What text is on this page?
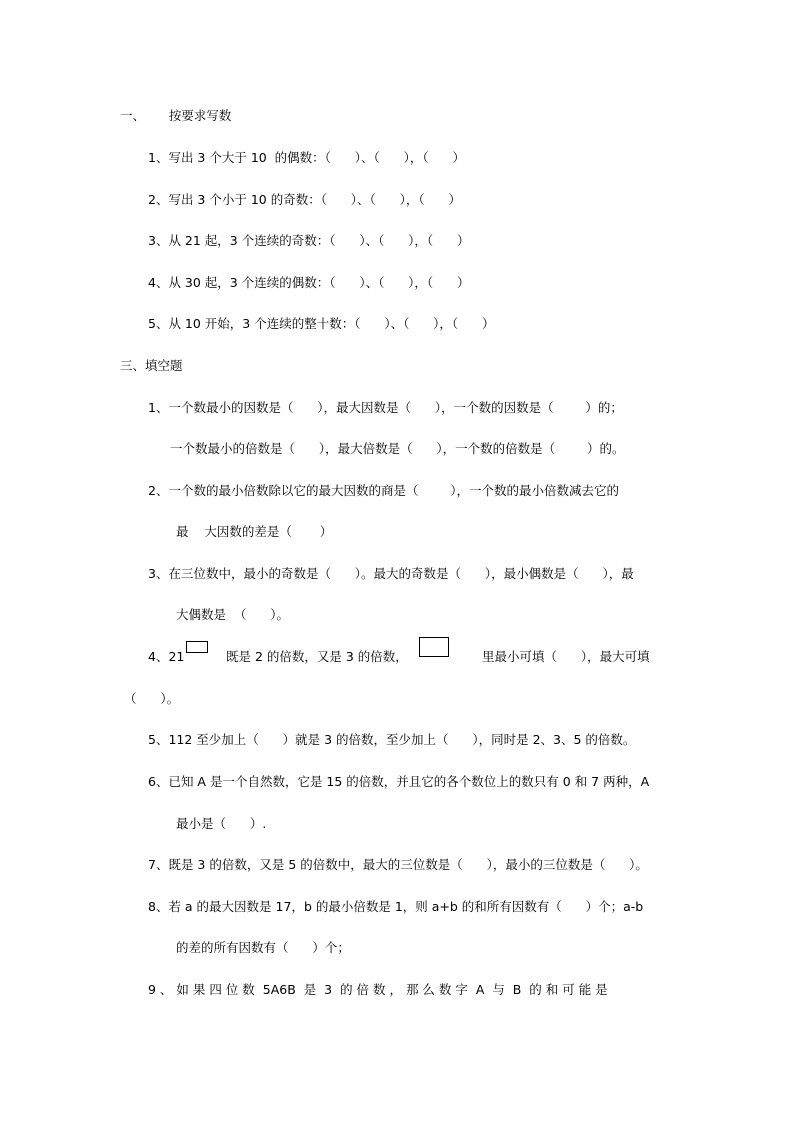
一、      按要求写数
1、写出 3 个大于 10  的偶数：（      ）、（      ），（      ）
2、写出 3 个小于 10 的奇数：（      ）、（      ），（      ）
3、从 21 起，3 个连续的奇数：（      ）、（      ），（      ）
4、从 30 起，3 个连续的偶数：（      ）、（      ），（      ）
5、从 10 开始，3 个连续的整十数：（      ）、（      ），（      ）
三、填空题
1、一个数最小的因数是（      ），最大因数是（      ），一个数的因数是（        ）的；
一个数最小的倍数是（      ），最大倍数是（      ），一个数的倍数是（        ）的。
2、一个数的最小倍数除以它的最大因数的商是（        ），一个数的最小倍数减去它的
最    大因数的差是（       ）
3、在三位数中，最小的奇数是（      ）。最大的奇数是（      ），最小偶数是（      ），最
大偶数是  （      ）。
4、21	既是 2 的倍数，又是 3 的倍数，	里最小可填（      ），最大可填
（      ）。
5、112 至少加上（      ）就是 3 的倍数，至少加上（      ），同时是 2、3、5 的倍数。
6、已知 A 是一个自然数，它是 15 的倍数，并且它的各个数位上的数只有 0 和 7 两种，A
最小是（      ）.
7、既是 3 的倍数，又是 5 的倍数中，最大的三位数是（      ），最小的三位数是（      ）。
8、若 a 的最大因数是 17，b 的最小倍数是 1，则 a+b 的和所有因数有（      ）个；a-b
的差的所有因数有（      ）个；
9 、 如 果 四 位 数  5A6B  是  3  的 倍 数 ， 那 么 数 字  A  与  B  的 和 可 能 是
